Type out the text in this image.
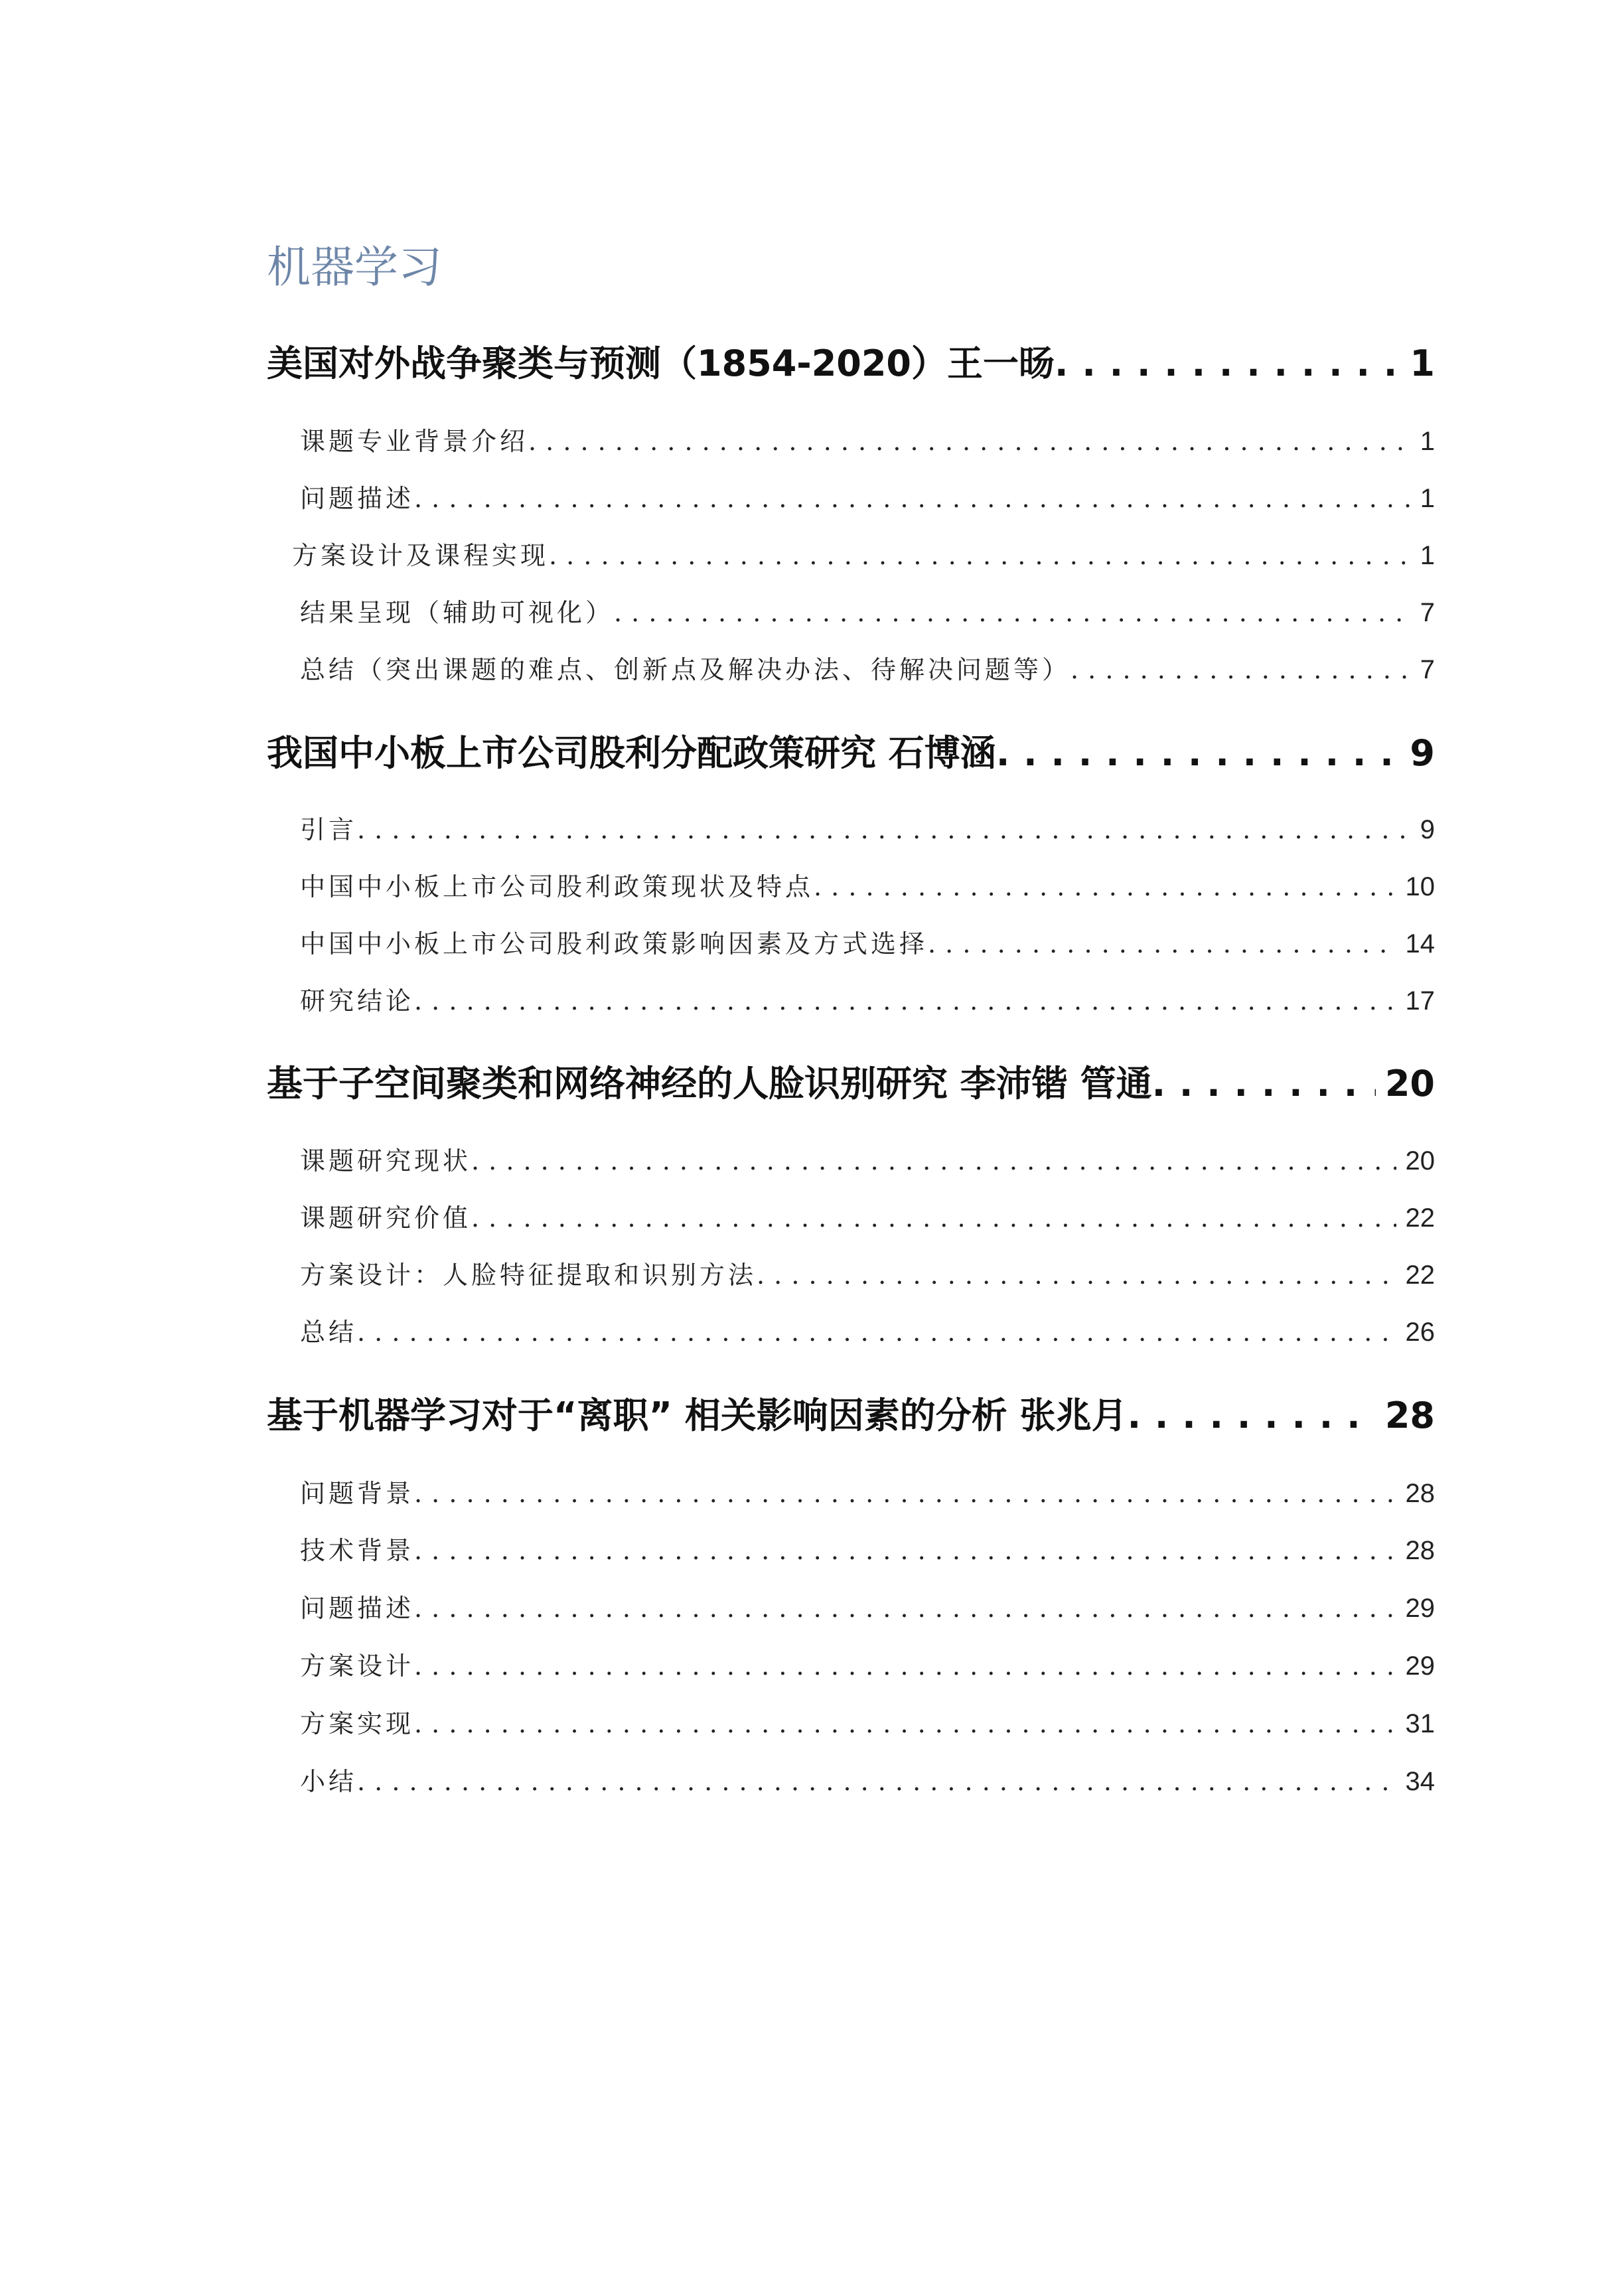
机器学习
美国对外战争聚类与预测（1854-2020）王一旸 . . .	1
课题专业背景介绍 . . .	1
问题描述 . . .	1
方案设计及课程实现 . . .	1
结果呈现（辅助可视化） . . .	7
总结（突出课题的难点、创新点及解决办法、待解决问题等） . . .	7
我国中小板上市公司股利分配政策研究 石博涵 . . .	9
引言 . . .	9
中国中小板上市公司股利政策现状及特点 . . .	10
中国中小板上市公司股利政策影响因素及方式选择 . . .	14
研究结论 . . .	17
基于子空间聚类和网络神经的人脸识别研究 李沛锴 管通 . . .	20
课题研究现状 . . .	20
课题研究价值 . . .	22
方案设计：人脸特征提取和识别方法 . . .	22
总结 . . .	26
基于机器学习对于“离职” 相关影响因素的分析 张兆月 . . .	28
问题背景 . . .	28
技术背景 . . .	28
问题描述 . . .	29
方案设计 . . .	29
方案实现 . . .	31
小结 . . .	34
